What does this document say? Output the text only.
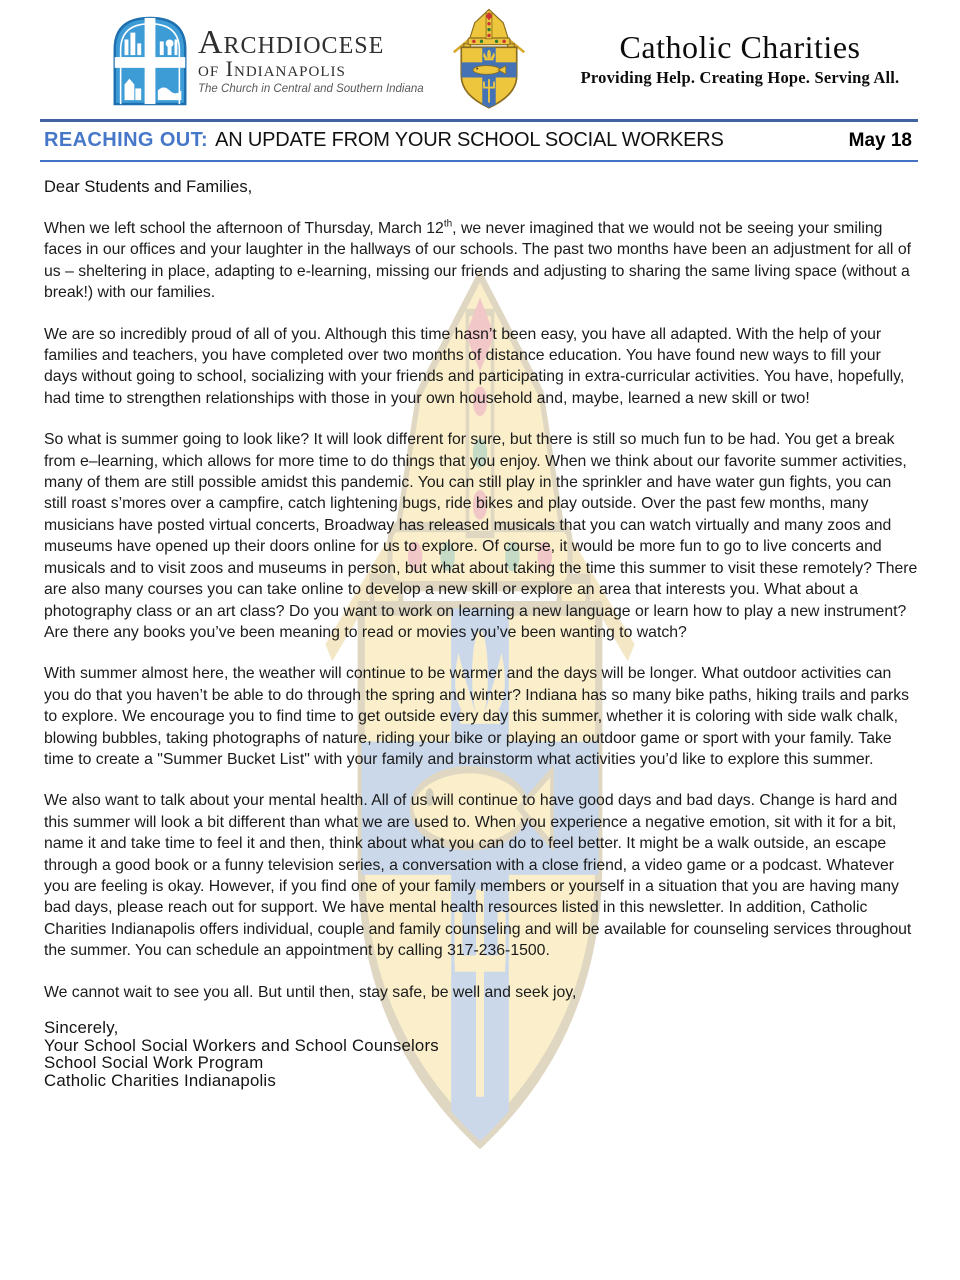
Archdiocese
of Indianapolis
The Church in Central and Southern Indiana
Catholic Charities
Providing Help. Creating Hope. Serving All.
REACHING OUT: AN UPDATE FROM YOUR SCHOOL SOCIAL WORKERS	May 18
Dear Students and Families,

When we left school the afternoon of Thursday, March 12th, we never imagined that we would not be seeing your smiling faces in our offices and your laughter in the hallways of our schools. The past two months have been an adjustment for all of us – sheltering in place, adapting to e-learning, missing our friends and adjusting to sharing the same living space (without a break!) with our families.

We are so incredibly proud of all of you. Although this time hasn’t been easy, you have all adapted. With the help of your families and teachers, you have completed over two months of distance education. You have found new ways to fill your days without going to school, socializing with your friends and participating in extra-curricular activities. You have, hopefully, had time to strengthen relationships with those in your own household and, maybe, learned a new skill or two!

So what is summer going to look like? It will look different for sure, but there is still so much fun to be had. You get a break from e–learning, which allows for more time to do things that you enjoy. When we think about our favorite summer activities, many of them are still possible amidst this pandemic. You can still play in the sprinkler and have water gun fights, you can still roast s’mores over a campfire, catch lightening bugs, ride bikes and play outside. Over the past few months, many musicians have posted virtual concerts, Broadway has released musicals that you can watch virtually and many zoos and museums have opened up their doors online for us to explore. Of course, it would be more fun to go to live concerts and musicals and to visit zoos and museums in person, but what about taking the time this summer to visit these remotely? There are also many courses you can take online to develop a new skill or explore an area that interests you. What about a photography class or an art class? Do you want to work on learning a new language or learn how to play a new instrument? Are there any books you’ve been meaning to read or movies you’ve been wanting to watch?

With summer almost here, the weather will continue to be warmer and the days will be longer. What outdoor activities can you do that you haven’t be able to do through the spring and winter? Indiana has so many bike paths, hiking trails and parks to explore. We encourage you to find time to get outside every day this summer, whether it is coloring with side walk chalk, blowing bubbles, taking photographs of nature, riding your bike or playing an outdoor game or sport with your family. Take time to create a "Summer Bucket List" with your family and brainstorm what activities you’d like to explore this summer.

We also want to talk about your mental health. All of us will continue to have good days and bad days. Change is hard and this summer will look a bit different than what we are used to. When you experience a negative emotion, sit with it for a bit, name it and take time to feel it and then, think about what you can do to feel better. It might be a walk outside, an escape through a good book or a funny television series, a conversation with a close friend, a video game or a podcast. Whatever you are feeling is okay. However, if you find one of your family members or yourself in a situation that you are having many bad days, please reach out for support. We have mental health resources listed in this newsletter. In addition, Catholic Charities Indianapolis offers individual, couple and family counseling and will be available for counseling services throughout the summer. You can schedule an appointment by calling 317-236-1500.

We cannot wait to see you all. But until then, stay safe, be well and seek joy,

Sincerely,
Your School Social Workers and School Counselors
School Social Work Program
Catholic Charities Indianapolis
